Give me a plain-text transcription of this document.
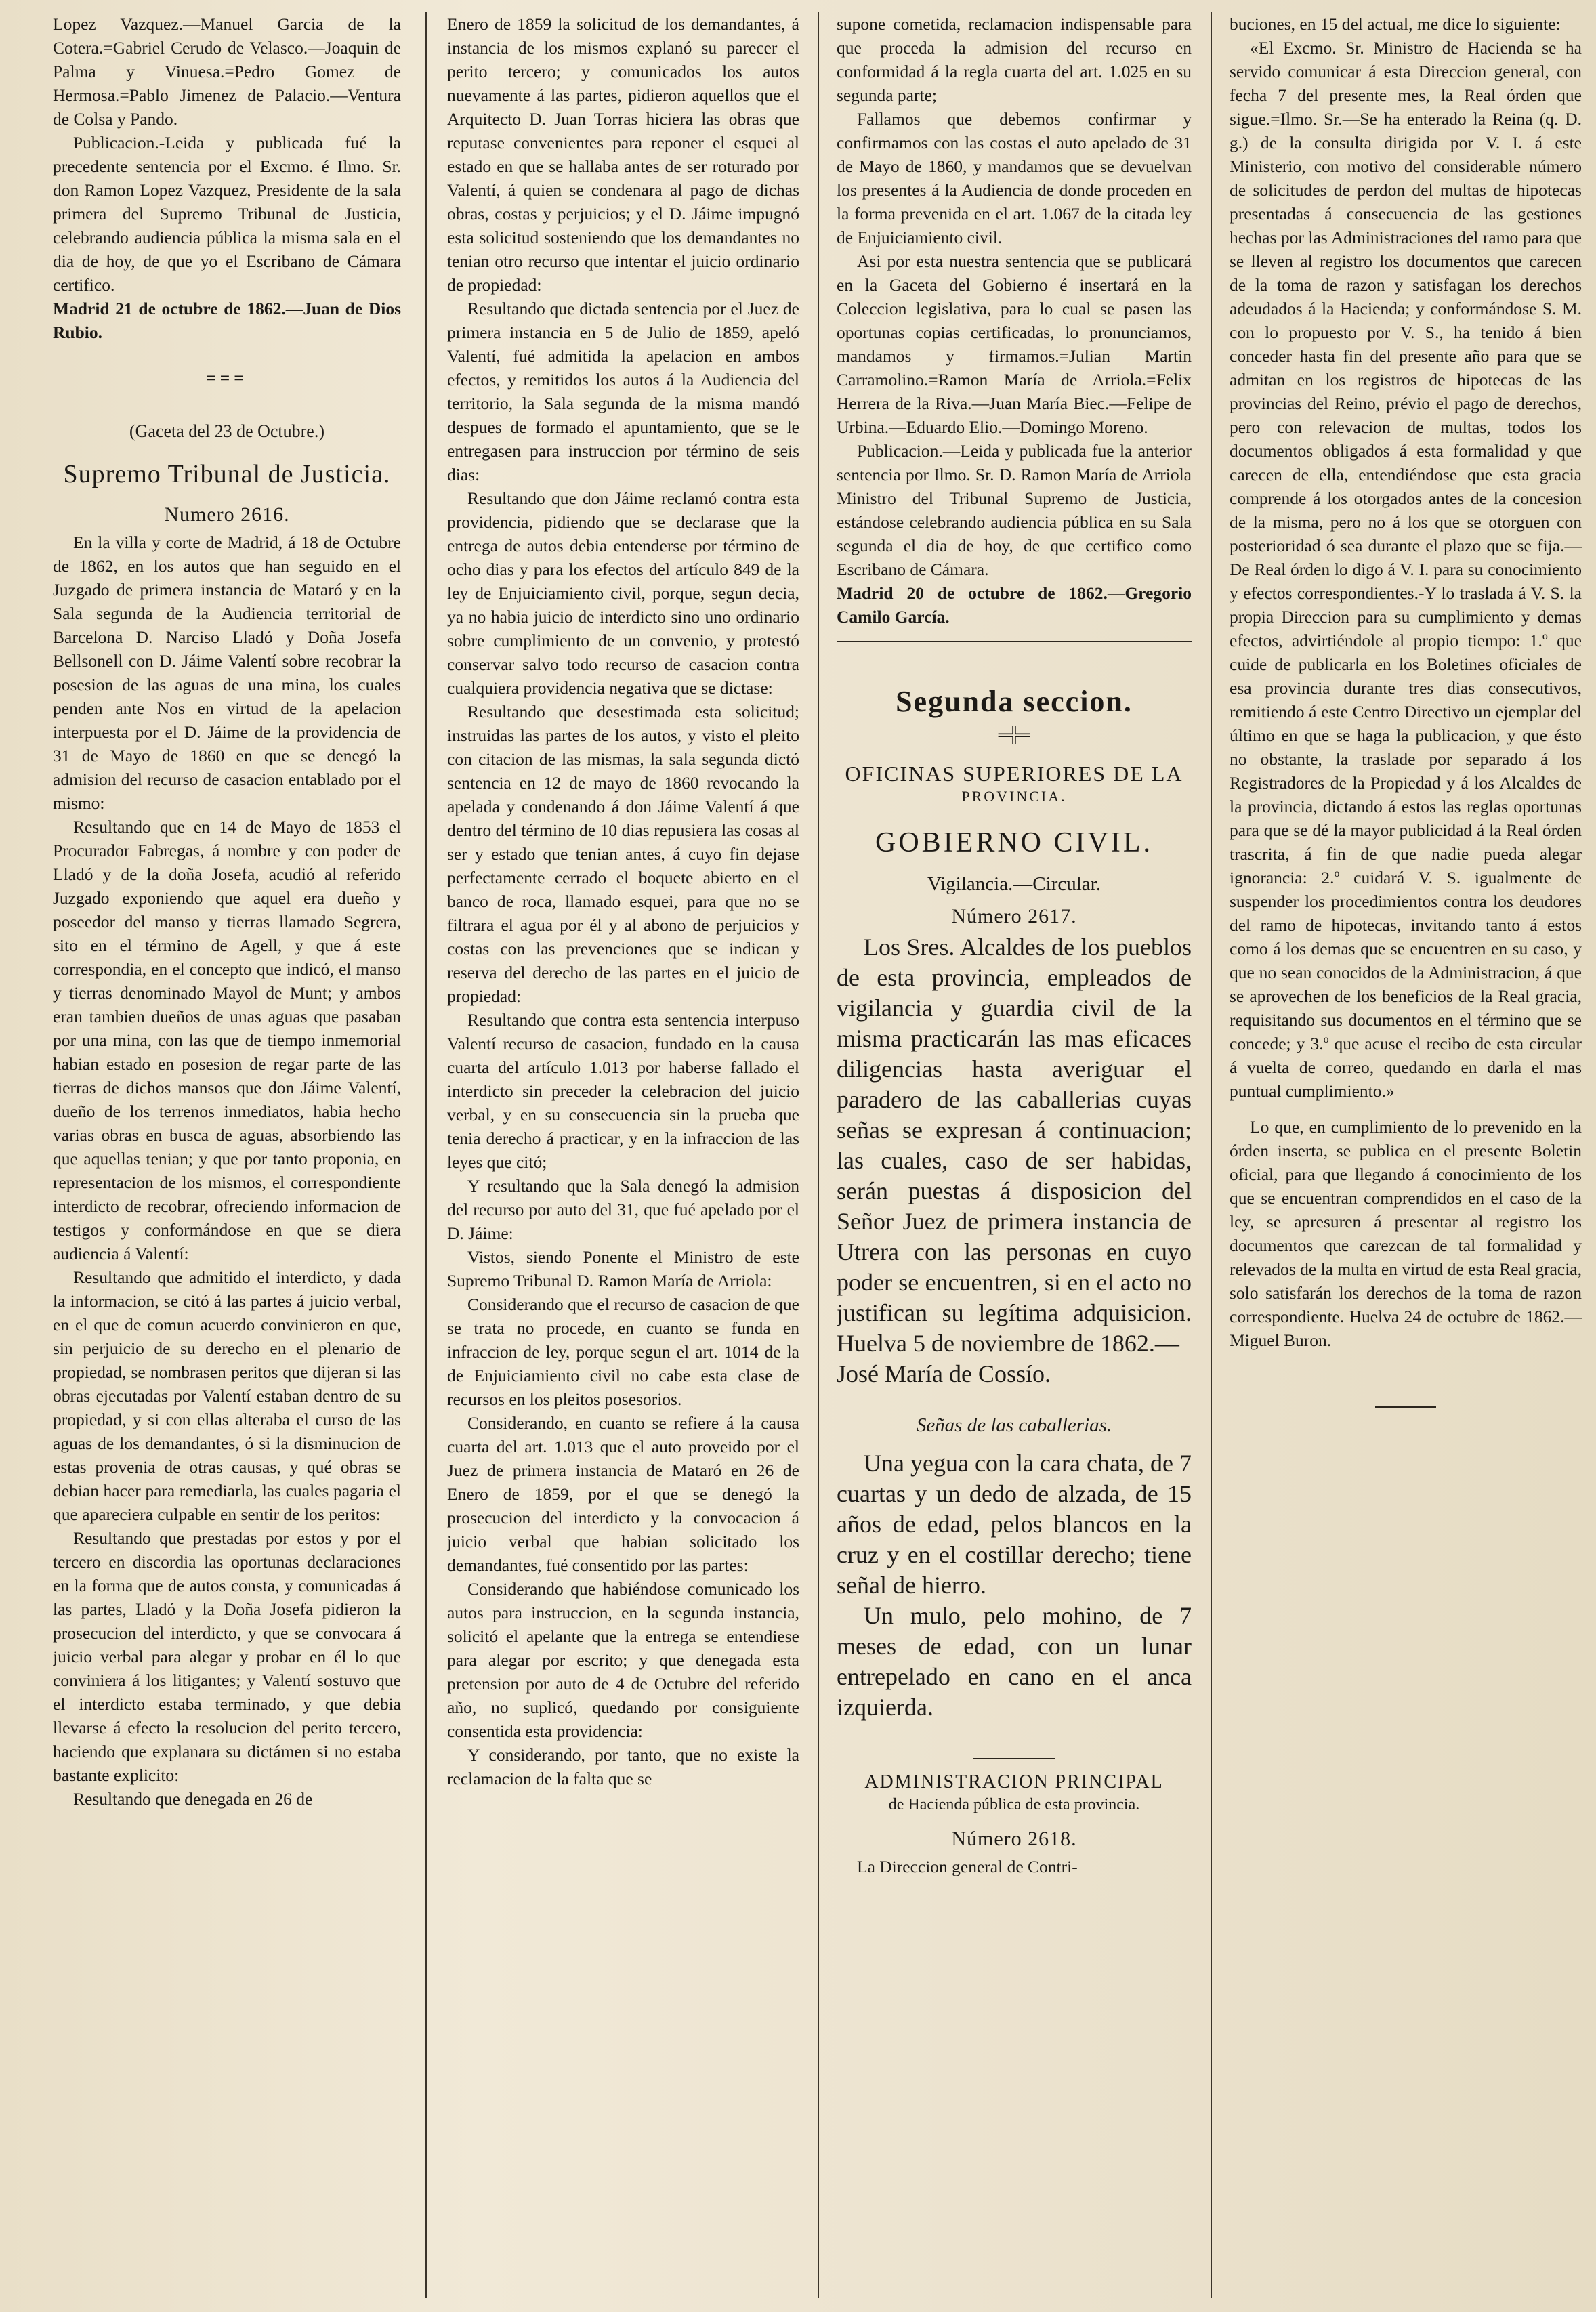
Lopez Vazquez.—Manuel Garcia de la Cotera.=Gabriel Cerudo de Velasco.—Joaquin de Palma y Vinuesa.=Pedro Gomez de Hermosa.=Pablo Jimenez de Palacio.—Ventura de Colsa y Pando.

Publicacion.-Leida y publicada fué la precedente sentencia por el Excmo. é Ilmo. Sr. don Ramon Lopez Vazquez, Presidente de la sala primera del Supremo Tribunal de Justicia, celebrando audiencia pública la misma sala en el dia de hoy, de que yo el Escribano de Cámara certifico.

Madrid 21 de octubre de 1862.—Juan de Dios Rubio.

===

(Gaceta del 23 de Octubre.)

Supremo Tribunal de Justicia.

Numero 2616.

En la villa y corte de Madrid, á 18 de Octubre de 1862, en los autos que han seguido en el Juzgado de primera instancia de Mataró y en la Sala segunda de la Audiencia territorial de Barcelona D. Narciso Lladó y Doña Josefa Bellsonell con D. Jáime Valentí sobre recobrar la posesion de las aguas de una mina, los cuales penden ante Nos en virtud de la apelacion interpuesta por el D. Jáime de la providencia de 31 de Mayo de 1860 en que se denegó la admision del recurso de casacion entablado por el mismo:

Resultando que en 14 de Mayo de 1853 el Procurador Fabregas, á nombre y con poder de Lladó y de la doña Josefa, acudió al referido Juzgado exponiendo que aquel era dueño y poseedor del manso y tierras llamado Segrera, sito en el término de Agell, y que á este correspondia, en el concepto que indicó, el manso y tierras denominado Mayol de Munt; y ambos eran tambien dueños de unas aguas que pasaban por una mina, con las que de tiempo inmemorial habian estado en posesion de regar parte de las tierras de dichos mansos que don Jáime Valentí, dueño de los terrenos inmediatos, habia hecho varias obras en busca de aguas, absorbiendo las que aquellas tenian; y que por tanto proponia, en representacion de los mismos, el correspondiente interdicto de recobrar, ofreciendo informacion de testigos y conformándose en que se diera audiencia á Valentí:

Resultando que admitido el interdicto, y dada la informacion, se citó á las partes á juicio verbal, en el que de comun acuerdo convinieron en que, sin perjuicio de su derecho en el plenario de propiedad, se nombrasen peritos que dijeran si las obras ejecutadas por Valentí estaban dentro de su propiedad, y si con ellas alteraba el curso de las aguas de los demandantes, ó si la disminucion de estas provenia de otras causas, y qué obras se debian hacer para remediarla, las cuales pagaria el que apareciera culpable en sentir de los peritos:

Resultando que prestadas por estos y por el tercero en discordia las oportunas declaraciones en la forma que de autos consta, y comunicadas á las partes, Lladó y la Doña Josefa pidieron la prosecucion del interdicto, y que se convocara á juicio verbal para alegar y probar en él lo que conviniera á los litigantes; y Valentí sostuvo que el interdicto estaba terminado, y que debia llevarse á efecto la resolucion del perito tercero, haciendo que explanara su dictámen si no estaba bastante explicito:

Resultando que denegada en 26 de

Enero de 1859 la solicitud de los demandantes, á instancia de los mismos explanó su parecer el perito tercero; y comunicados los autos nuevamente á las partes, pidieron aquellos que el Arquitecto D. Juan Torras hiciera las obras que reputase convenientes para reponer el esquei al estado en que se hallaba antes de ser roturado por Valentí, á quien se condenara al pago de dichas obras, costas y perjuicios; y el D. Jáime impugnó esta solicitud sosteniendo que los demandantes no tenian otro recurso que intentar el juicio ordinario de propiedad:

Resultando que dictada sentencia por el Juez de primera instancia en 5 de Julio de 1859, apeló Valentí, fué admitida la apelacion en ambos efectos, y remitidos los autos á la Audiencia del territorio, la Sala segunda de la misma mandó despues de formado el apuntamiento, que se le entregasen para instruccion por término de seis dias:

Resultando que don Jáime reclamó contra esta providencia, pidiendo que se declarase que la entrega de autos debia entenderse por término de ocho dias y para los efectos del artículo 849 de la ley de Enjuiciamiento civil, porque, segun decia, ya no habia juicio de interdicto sino uno ordinario sobre cumplimiento de un convenio, y protestó conservar salvo todo recurso de casacion contra cualquiera providencia negativa que se dictase:

Resultando que desestimada esta solicitud; instruidas las partes de los autos, y visto el pleito con citacion de las mismas, la sala segunda dictó sentencia en 12 de mayo de 1860 revocando la apelada y condenando á don Jáime Valentí á que dentro del término de 10 dias repusiera las cosas al ser y estado que tenian antes, á cuyo fin dejase perfectamente cerrado el boquete abierto en el banco de roca, llamado esquei, para que no se filtrara el agua por él y al abono de perjuicios y costas con las prevenciones que se indican y reserva del derecho de las partes en el juicio de propiedad:

Resultando que contra esta sentencia interpuso Valentí recurso de casacion, fundado en la causa cuarta del artículo 1.013 por haberse fallado el interdicto sin preceder la celebracion del juicio verbal, y en su consecuencia sin la prueba que tenia derecho á practicar, y en la infraccion de las leyes que citó;

Y resultando que la Sala denegó la admision del recurso por auto del 31, que fué apelado por el D. Jáime:

Vistos, siendo Ponente el Ministro de este Supremo Tribunal D. Ramon María de Arriola:

Considerando que el recurso de casacion de que se trata no procede, en cuanto se funda en infraccion de ley, porque segun el art. 1014 de la de Enjuiciamiento civil no cabe esta clase de recursos en los pleitos posesorios.

Considerando, en cuanto se refiere á la causa cuarta del art. 1.013 que el auto proveido por el Juez de primera instancia de Mataró en 26 de Enero de 1859, por el que se denegó la prosecucion del interdicto y la convocacion á juicio verbal que habian solicitado los demandantes, fué consentido por las partes:

Considerando que habiéndose comunicado los autos para instruccion, en la segunda instancia, solicitó el apelante que la entrega se entendiese para alegar por escrito; y que denegada esta pretension por auto de 4 de Octubre del referido año, no suplicó, quedando por consiguiente consentida esta providencia:

Y considerando, por tanto, que no existe la reclamacion de la falta que se

supone cometida, reclamacion indispensable para que proceda la admision del recurso en conformidad á la regla cuarta del art. 1.025 en su segunda parte;

Fallamos que debemos confirmar y confirmamos con las costas el auto apelado de 31 de Mayo de 1860, y mandamos que se devuelvan los presentes á la Audiencia de donde proceden en la forma prevenida en el art. 1.067 de la citada ley de Enjuiciamiento civil.

Asi por esta nuestra sentencia que se publicará en la Gaceta del Gobierno é insertará en la Coleccion legislativa, para lo cual se pasen las oportunas copias certificadas, lo pronunciamos, mandamos y firmamos.=Julian Martin Carramolino.=Ramon María de Arriola.=Felix Herrera de la Riva.—Juan María Biec.—Felipe de Urbina.—Eduardo Elio.—Domingo Moreno.

Publicacion.—Leida y publicada fue la anterior sentencia por Ilmo. Sr. D. Ramon María de Arriola Ministro del Tribunal Supremo de Justicia, estándose celebrando audiencia pública en su Sala segunda el dia de hoy, de que certifico como Escribano de Cámara.

Madrid 20 de octubre de 1862.—Gregorio Camilo García.

Segunda seccion.
═╬═
OFICINAS SUPERIORES DE LA
PROVINCIA.
GOBIERNO CIVIL.
Vigilancia.—Circular.
Número 2617.

Los Sres. Alcaldes de los pueblos de esta provincia, empleados de vigilancia y guardia civil de la misma practicarán las mas eficaces diligencias hasta averiguar el paradero de las caballerias cuyas señas se expresan á continuacion; las cuales, caso de ser habidas, serán puestas á disposicion del Señor Juez de primera instancia de Utrera con las personas en cuyo poder se encuentren, si en el acto no justifican su legítima adquisicion. Huelva 5 de noviembre de 1862.—

José María de Cossío.

Señas de las caballerias.

Una yegua con la cara chata, de 7 cuartas y un dedo de alzada, de 15 años de edad, pelos blancos en la cruz y en el costillar derecho; tiene señal de hierro.

Un mulo, pelo mohino, de 7 meses de edad, con un lunar entrepelado en cano en el anca izquierda.

ADMINISTRACION PRINCIPAL
de Hacienda pública de esta provincia.
Número 2618.

La Direccion general de Contri-

buciones, en 15 del actual, me dice lo siguiente:

«El Excmo. Sr. Ministro de Hacienda se ha servido comunicar á esta Direccion general, con fecha 7 del presente mes, la Real órden que sigue.=Ilmo. Sr.—Se ha enterado la Reina (q. D. g.) de la consulta dirigida por V. I. á este Ministerio, con motivo del considerable número de solicitudes de perdon del multas de hipotecas presentadas á consecuencia de las gestiones hechas por las Administraciones del ramo para que se lleven al registro los documentos que carecen de la toma de razon y satisfagan los derechos adeudados á la Hacienda; y conformándose S. M. con lo propuesto por V. S., ha tenido á bien conceder hasta fin del presente año para que se admitan en los registros de hipotecas de las provincias del Reino, prévio el pago de derechos, pero con relevacion de multas, todos los documentos obligados á esta formalidad y que carecen de ella, entendiéndose que esta gracia comprende á los otorgados antes de la concesion de la misma, pero no á los que se otorguen con posterioridad ó sea durante el plazo que se fija.—De Real órden lo digo á V. I. para su conocimiento y efectos correspondientes.-Y lo traslada á V. S. la propia Direccion para su cumplimiento y demas efectos, advirtiéndole al propio tiempo: 1.º que cuide de publicarla en los Boletines oficiales de esa provincia durante tres dias consecutivos, remitiendo á este Centro Directivo un ejemplar del último en que se haga la publicacion, y que ésto no obstante, la traslade por separado á los Registradores de la Propiedad y á los Alcaldes de la provincia, dictando á estos las reglas oportunas para que se dé la mayor publicidad á la Real órden trascrita, á fin de que nadie pueda alegar ignorancia: 2.º cuidará V. S. igualmente de suspender los procedimientos contra los deudores del ramo de hipotecas, invitando tanto á estos como á los demas que se encuentren en su caso, y que no sean conocidos de la Administracion, á que se aprovechen de los beneficios de la Real gracia, requisitando sus documentos en el término que se concede; y 3.º que acuse el recibo de esta circular á vuelta de correo, quedando en darla el mas puntual cumplimiento.»

Lo que, en cumplimiento de lo prevenido en la órden inserta, se publica en el presente Boletin oficial, para que llegando á conocimiento de los que se encuentran comprendidos en el caso de la ley, se apresuren á presentar al registro los documentos que carezcan de tal formalidad y relevados de la multa en virtud de esta Real gracia, solo satisfarán los derechos de la toma de razon correspondiente. Huelva 24 de octubre de 1862.—Miguel Buron.
